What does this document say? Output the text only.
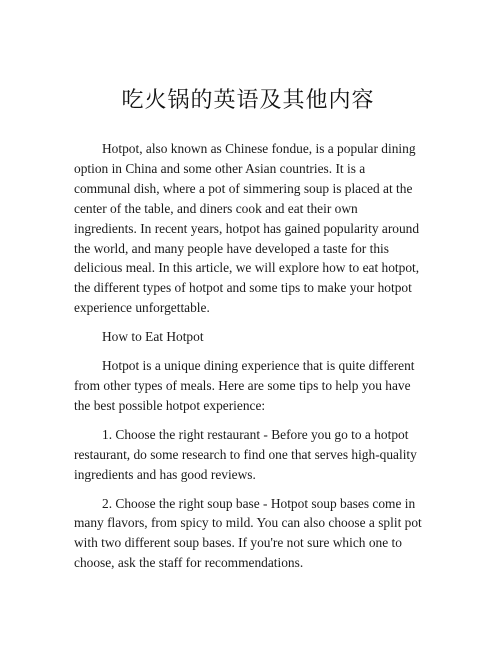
吃火锅的英语及其他内容

Hotpot, also known as Chinese fondue, is a popular dining option in China and some other Asian countries. It is a communal dish, where a pot of simmering soup is placed at the center of the table, and diners cook and eat their own ingredients. In recent years, hotpot has gained popularity around the world, and many people have developed a taste for this delicious meal. In this article, we will explore how to eat hotpot, the different types of hotpot and some tips to make your hotpot experience unforgettable.

How to Eat Hotpot

Hotpot is a unique dining experience that is quite different from other types of meals. Here are some tips to help you have the best possible hotpot experience:

1. Choose the right restaurant - Before you go to a hotpot restaurant, do some research to find one that serves high-quality ingredients and has good reviews.

2. Choose the right soup base - Hotpot soup bases come in many flavors, from spicy to mild. You can also choose a split pot with two different soup bases. If you're not sure which one to choose, ask the staff for recommendations.
